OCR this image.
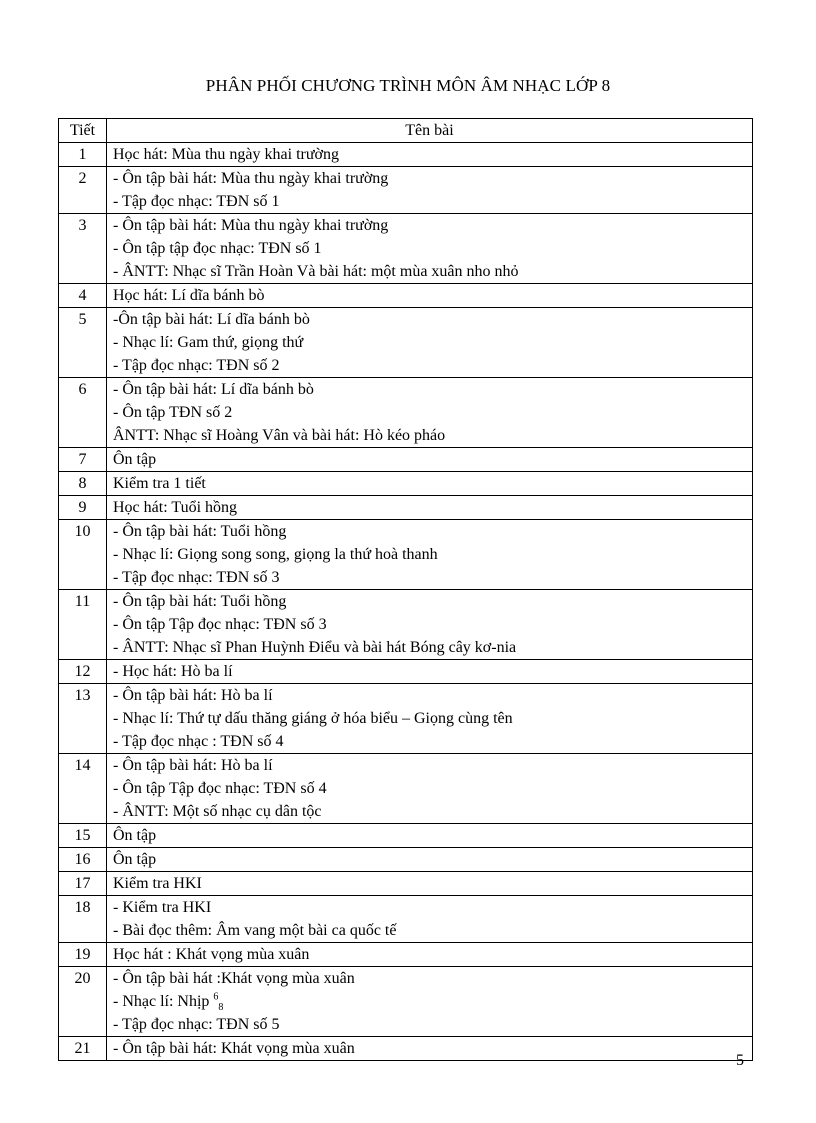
PHÂN PHỐI CHƯƠNG TRÌNH MÔN ÂM NHẠC LỚP 8
Tiết	Tên bài
1	Học hát: Mùa thu ngày khai trường

2	- Ôn tập bài hát: Mùa thu ngày khai trường
- Tập đọc nhạc: TĐN số 1

3	- Ôn tập bài hát: Mùa thu ngày khai trường
- Ôn tập tập đọc nhạc: TĐN số 1
- ÂNTT: Nhạc sĩ Trần Hoàn Và bài hát: một mùa xuân nho nhỏ

4	Học hát: Lí dĩa bánh bò

5	-Ôn tập bài hát: Lí dĩa bánh bò
- Nhạc lí: Gam thứ, giọng thứ
- Tập đọc nhạc: TĐN số 2

6	- Ôn tập bài hát: Lí dĩa bánh bò
- Ôn tập TĐN số 2
ÂNTT: Nhạc sĩ Hoàng Vân và bài hát: Hò kéo pháo

7	Ôn tập

8	Kiểm tra 1 tiết

9	Học hát: Tuổi hồng

10	- Ôn tập bài hát: Tuổi hồng
- Nhạc lí: Giọng song song, giọng la thứ hoà thanh
- Tập đọc nhạc: TĐN số 3

11	- Ôn tập bài hát: Tuổi hồng
- Ôn tập Tập đọc nhạc: TĐN số 3
- ÂNTT: Nhạc sĩ Phan Huỳnh Điểu và bài hát Bóng cây kơ-nia

12	- Học hát: Hò ba lí

13	- Ôn tập bài hát: Hò ba lí
- Nhạc lí: Thứ tự dấu thăng giáng ở hóa biểu – Giọng cùng tên
- Tập đọc nhạc : TĐN số 4

14	- Ôn tập bài hát: Hò ba lí
- Ôn tập Tập đọc nhạc: TĐN số 4
- ÂNTT: Một số nhạc cụ dân tộc

15	Ôn tập

16	Ôn tập

17	Kiểm tra HKI

18	- Kiểm tra HKI
- Bài đọc thêm: Âm vang một bài ca quốc tế

19	Học hát : Khát vọng mùa xuân

20	- Ôn tập bài hát :Khát vọng mùa xuân
- Nhạc lí: Nhịp $^6_8$
- Tập đọc nhạc: TĐN số 5

21	- Ôn tập bài hát: Khát vọng mùa xuân
5
